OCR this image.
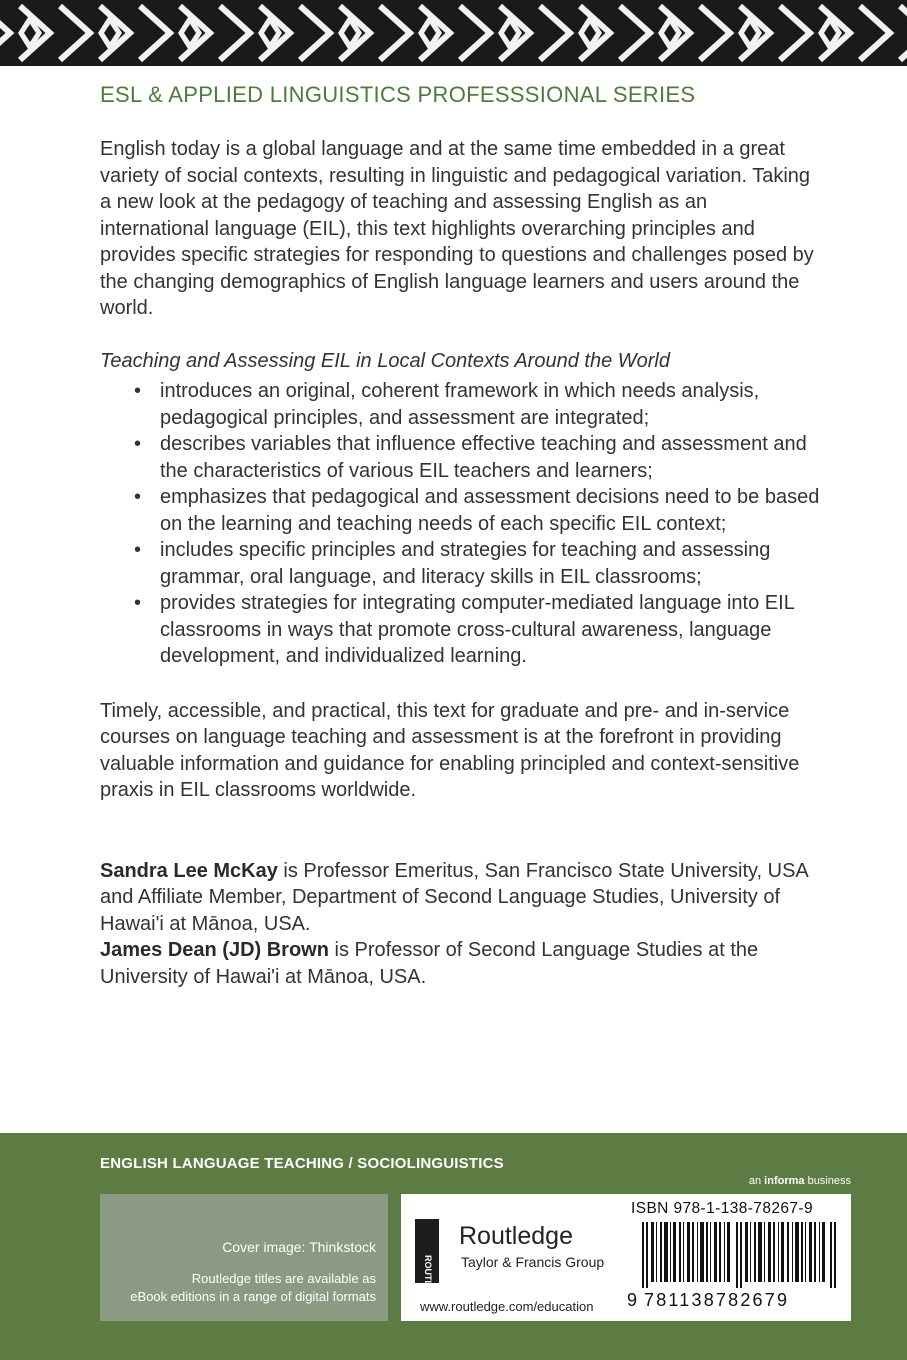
ESL & APPLIED LINGUISTICS PROFESSSIONAL SERIES

English today is a global language and at the same time embedded in a great variety of social contexts, resulting in linguistic and pedagogical variation. Taking a new look at the pedagogy of teaching and assessing English as an international language (EIL), this text highlights overarching principles and provides specific strategies for responding to questions and challenges posed by the changing demographics of English language learners and users around the world.

Teaching and Assessing EIL in Local Contexts Around the World

• introduces an original, coherent framework in which needs analysis, pedagogical principles, and assessment are integrated;
• describes variables that influence effective teaching and assessment and the characteristics of various EIL teachers and learners;
• emphasizes that pedagogical and assessment decisions need to be based on the learning and teaching needs of each specific EIL context;
• includes specific principles and strategies for teaching and assessing grammar, oral language, and literacy skills in EIL classrooms;
• provides strategies for integrating computer-mediated language into EIL classrooms in ways that promote cross-cultural awareness, language development, and individualized learning.

Timely, accessible, and practical, this text for graduate and pre- and in-service courses on language teaching and assessment is at the forefront in providing valuable information and guidance for enabling principled and context-sensitive praxis in EIL classrooms worldwide.

Sandra Lee McKay is Professor Emeritus, San Francisco State University, USA and Affiliate Member, Department of Second Language Studies, University of Hawai'i at Mānoa, USA.
James Dean (JD) Brown is Professor of Second Language Studies at the University of Hawai'i at Mānoa, USA.
ENGLISH LANGUAGE TEACHING / SOCIOLINGUISTICS
an informa business
Cover image: Thinkstock
Routledge titles are available as
eBook editions in a range of digital formats	ROUTLEDGE
Routledge
Taylor & Francis Group
www.routledge.com/education
ISBN 978-1-138-78267-9
9 781138782679
